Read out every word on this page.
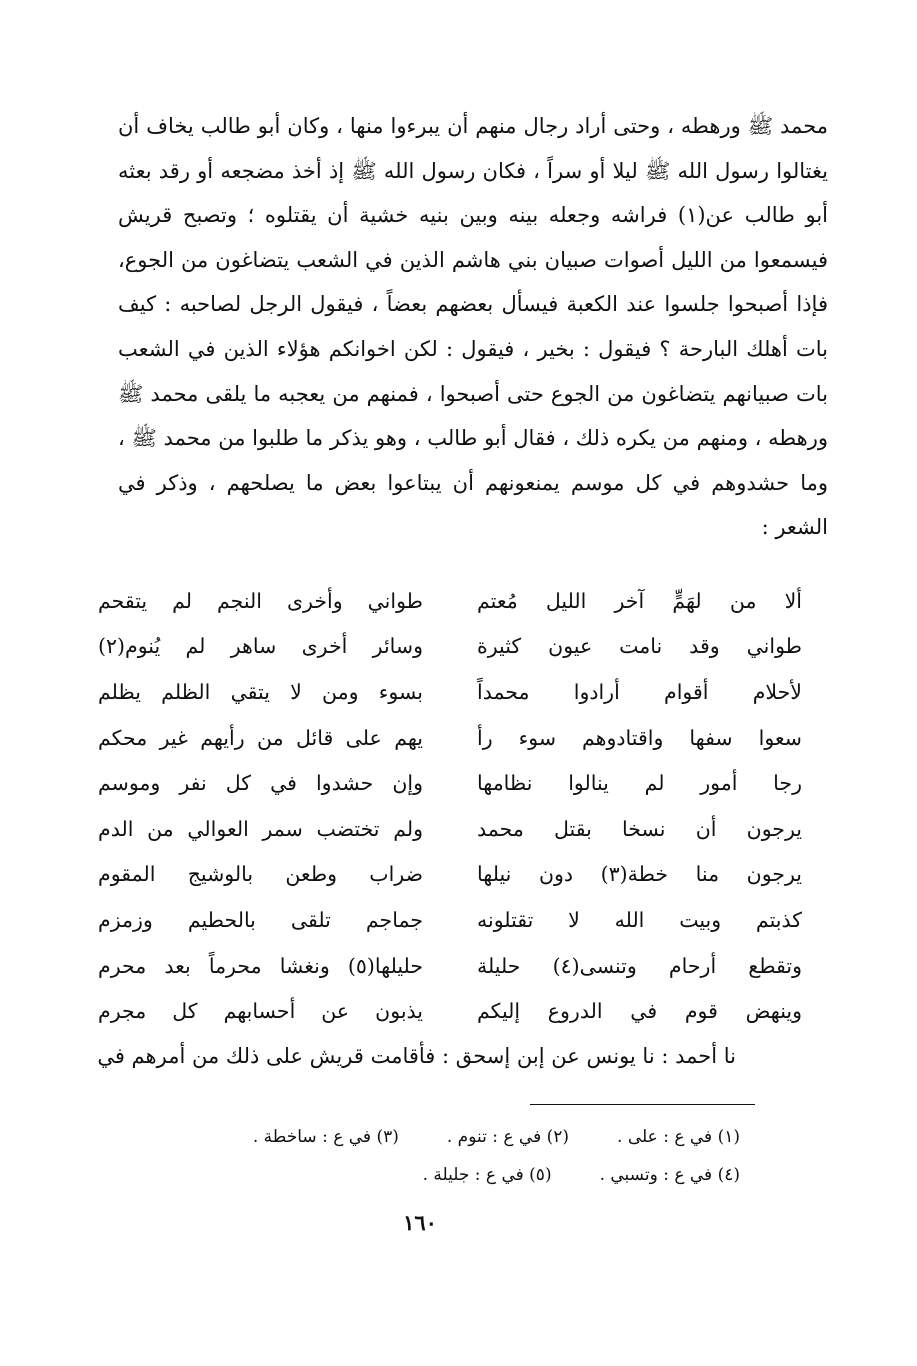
محمد ﷺ ورهطه ، وحتى أراد رجال منهم أن يبرءوا منها ، وكان أبو طالب يخاف أن يغتالوا رسول الله ﷺ ليلا أو سراً ، فكان رسول الله ﷺ إذ أخذ مضجعه أو رقد بعثه أبو طالب عن(١) فراشه وجعله بينه وبين بنيه خشية أن يقتلوه ؛ وتصبح قريش فيسمعوا من الليل أصوات صبيان بني هاشم الذين في الشعب يتضاغون من الجوع، فإذا أصبحوا جلسوا عند الكعبة فيسأل بعضهم بعضاً ، فيقول الرجل لصاحبه : كيف بات أهلك البارحة ؟ فيقول : بخير ، فيقول : لكن اخوانكم هؤلاء الذين في الشعب بات صبيانهم يتضاغون من الجوع حتى أصبحوا ، فمنهم من يعجبه ما يلقى محمد ﷺ ورهطه ، ومنهم من يكره ذلك ، فقال أبو طالب ، وهو يذكر ما طلبوا من محمد ﷺ ، وما حشدوهم في كل موسم يمنعونهم أن يبتاعوا بعض ما يصلحهم ، وذكر في الشعر :

ألا من لهَمٍّ آخر الليل مُعتم
طواني وأخرى النجم لم يتقحم
طواني وقد نامت عيون كثيرة
وسائر أخرى ساهر لم يُنوم(٢)
لأحلام أقوام أرادوا محمداً
بسوء ومن لا يتقي الظلم يظلم
سعوا سفها واقتادوهم سوء رأ
يهم على قائل من رأيهم غير محكم
رجا أمور لم ينالوا نظامها
وإن حشدوا في كل نفر وموسم
يرجون أن نسخا بقتل محمد
ولم تختضب سمر العوالي من الدم
يرجون منا خطة(٣) دون نيلها
ضراب وطعن بالوشيج المقوم
كذبتم وبيت الله لا تقتلونه
جماجم تلقى بالحطيم وزمزم
وتقطع أرحام وتنسى(٤) حليلة
حليلها(٥) ونغشا محرماً بعد محرم
وينهض قوم في الدروع إليكم
يذبون عن أحسابهم كل مجرم
نا أحمد : نا يونس عن إبن إسحق : فأقامت قريش على ذلك من أمرهم في
(١) في ع : على .
(٢) في ع : تنوم .
(٣) في ع : ساخطة .
(٤) في ع : وتسبي .
(٥) في ع : جليلة .
١٦٠
